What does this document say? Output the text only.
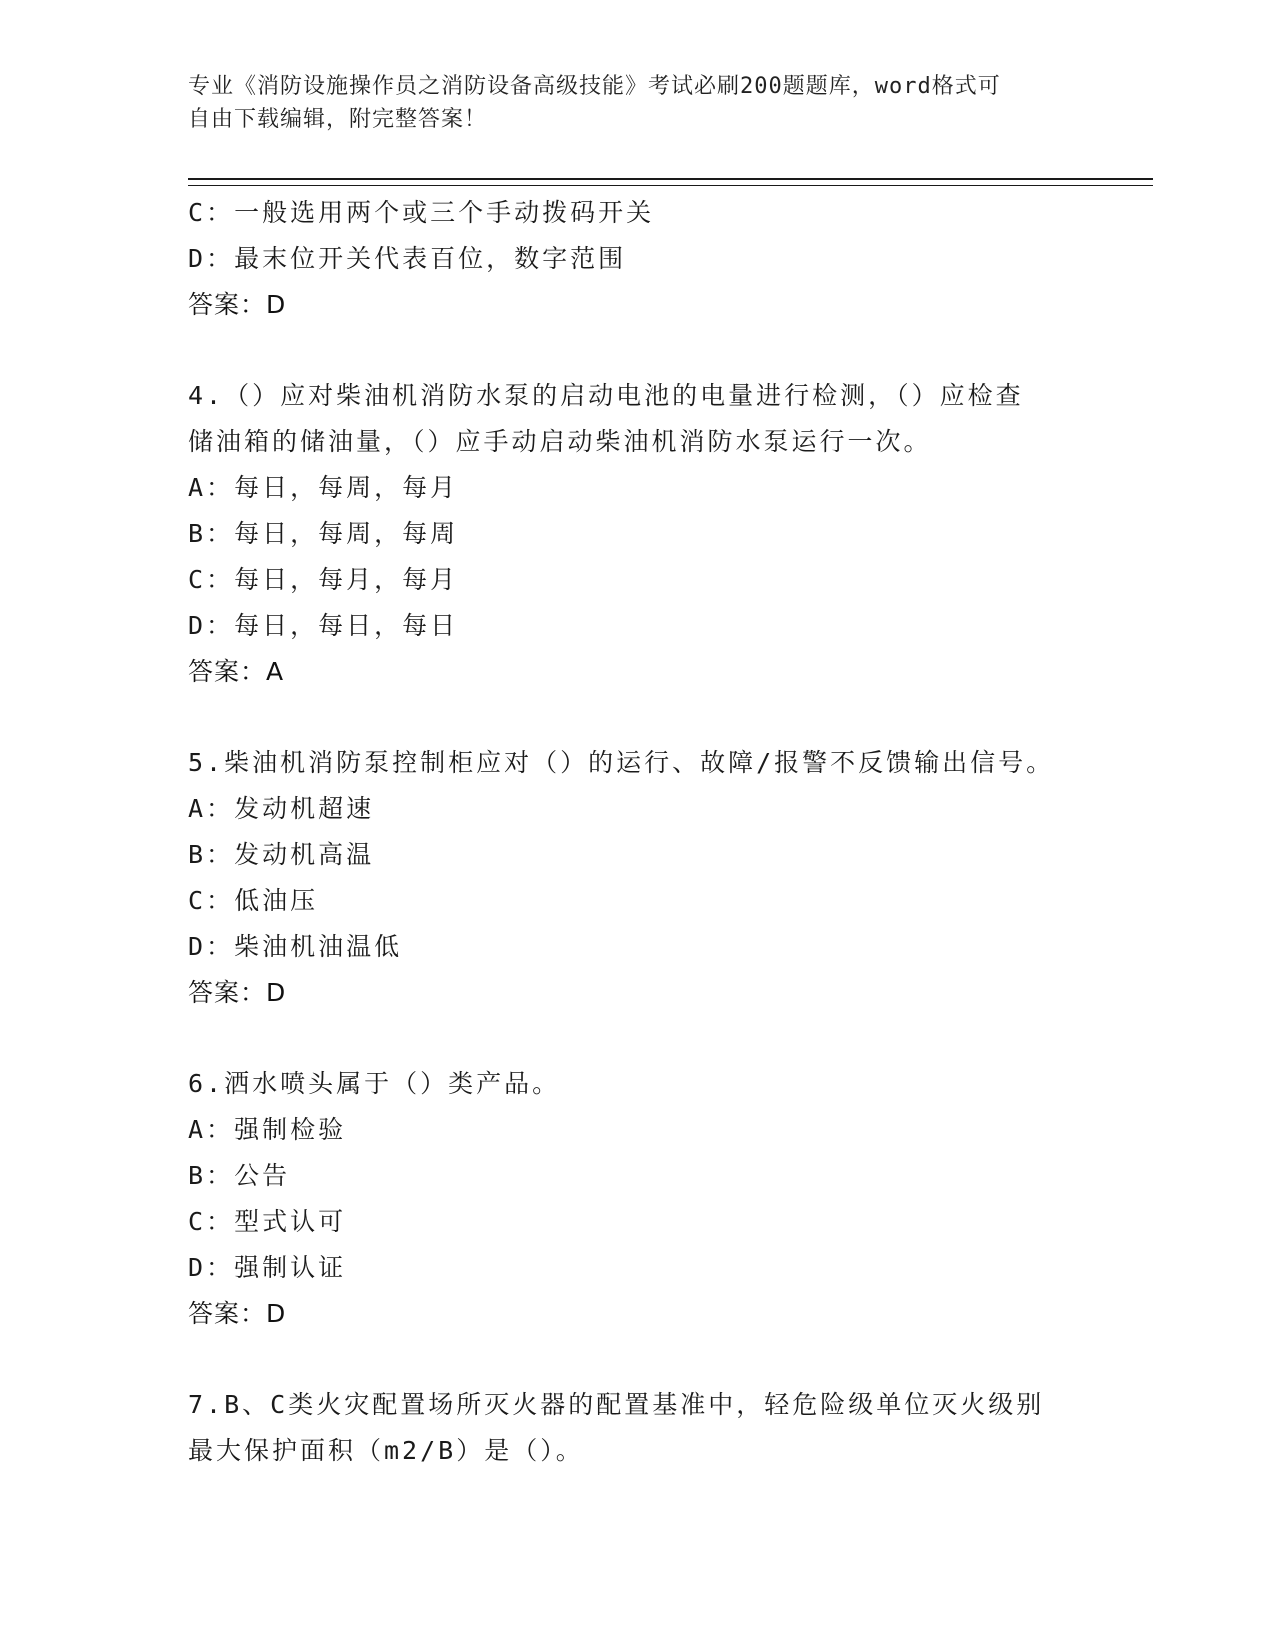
专业《消防设施操作员之消防设备高级技能》考试必刷200题题库，word格式可
自由下载编辑，附完整答案！
C：一般选用两个或三个手动拨码开关
D：最末位开关代表百位，数字范围
答案：D
4.（）应对柴油机消防水泵的启动电池的电量进行检测，（）应检查
储油箱的储油量，（）应手动启动柴油机消防水泵运行一次。
A：每日，每周，每月
B：每日，每周，每周
C：每日，每月，每月
D：每日，每日，每日
答案：A
5.柴油机消防泵控制柜应对（）的运行、故障/报警不反馈输出信号。
A：发动机超速
B：发动机高温
C：低油压
D：柴油机油温低
答案：D
6.洒水喷头属于（）类产品。
A：强制检验
B：公告
C：型式认可
D：强制认证
答案：D
7.B、C类火灾配置场所灭火器的配置基准中，轻危险级单位灭火级别
最大保护面积（m2/B）是（）。
